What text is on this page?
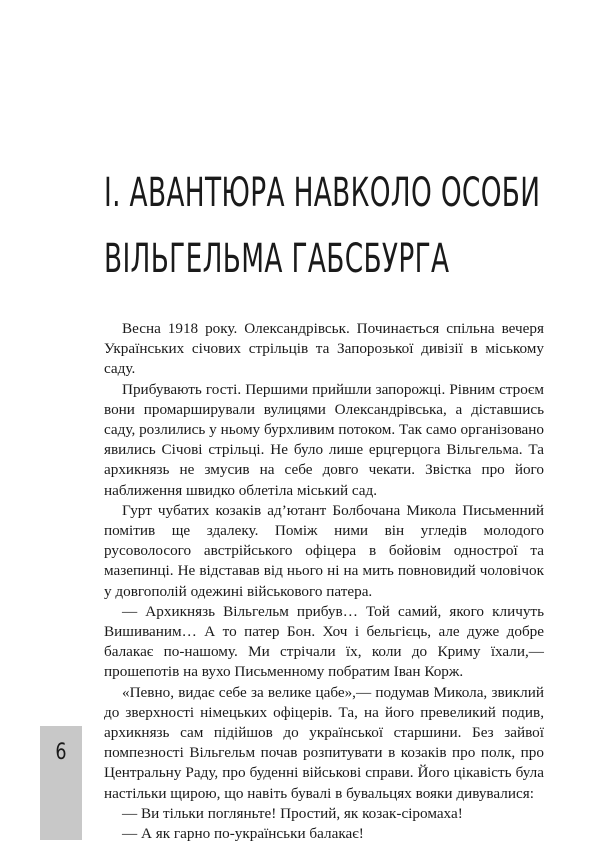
І. АВАНТЮРА НАВКОЛО ОСОБИ
ВІЛЬГЕЛЬМА ГАБСБУРГА

Весна 1918 року. Олександрівськ. Починається спільна вечеря Українських січових стрільців та Запорозької дивізії в міському саду.

Прибувають гості. Першими прийшли запорожці. Рівним строєм вони промарширували вулицями Олександрівська, а діставшись саду, розлились у ньому бурхливим потоком. Так само організовано явились Січові стрільці. Не було лише ерцгерцога Вільгельма. Та архикнязь не змусив на себе довго чекати. Звістка про його наближення швидко облетіла міський сад.

Гурт чубатих козаків ад’ютант Болбочана Микола Письменний помітив ще здалеку. Поміж ними він угледів молодого русоволосого австрійського офіцера в бойовім однострої та мазепинці. Не відставав від нього ні на мить повновидий чоловічок у довгополій одежині військового патера.

— Архикнязь Вільгельм прибув… Той самий, якого кличуть Вишиваним… А то патер Бон. Хоч і бельгієць, але дуже добре балакає по-нашому. Ми стрічали їх, коли до Криму їхали,— прошепотів на вухо Письменному побратим Іван Корж.

«Певно, видає себе за велике цабе»,— подумав Микола, звиклий до зверхності німецьких офіцерів. Та, на його превеликий подив, архикнязь сам підійшов до української старшини. Без зайвої помпезності Вільгельм почав розпитувати в козаків про полк, про Центральну Раду, про буденні військові справи. Його цікавість була настільки щирою, що навіть бувалі в бувальцях вояки дивувалися:

— Ви тільки погляньте! Простий, як козак-сіромаха!

— А як гарно по-українськи балакає!

6
